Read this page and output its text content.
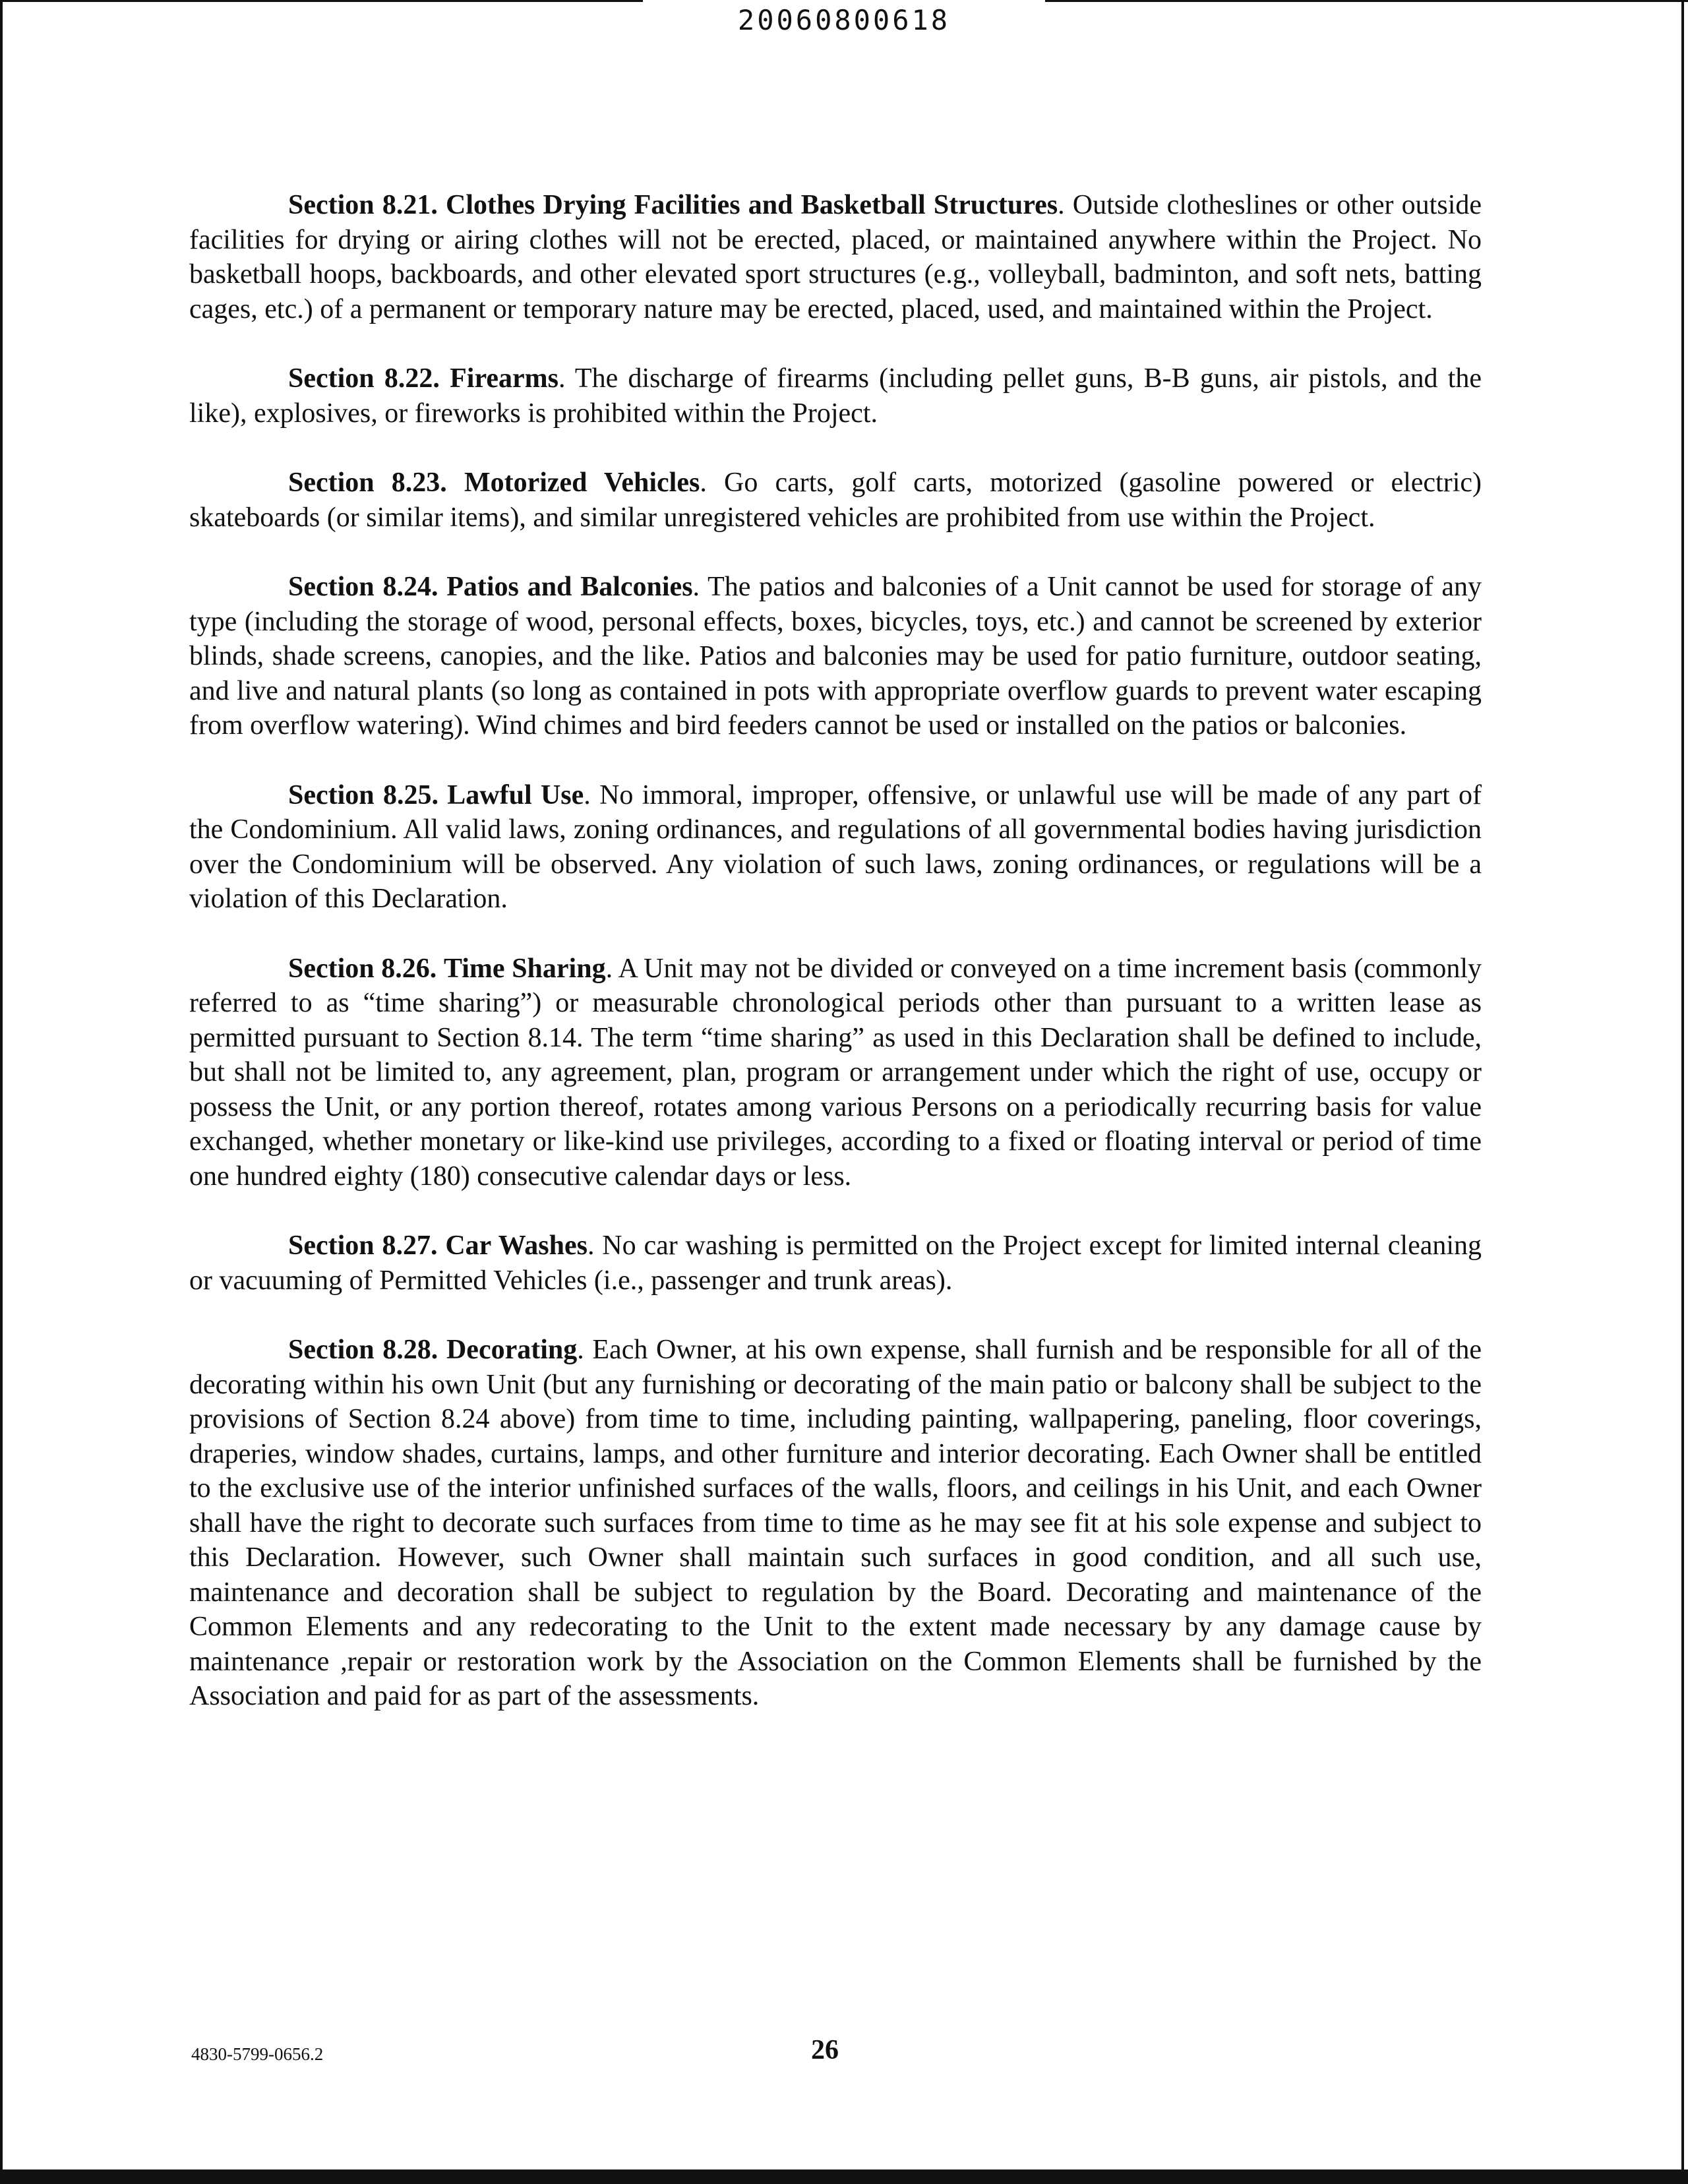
20060800618

Section 8.21. Clothes Drying Facilities and Basketball Structures. Outside clotheslines or other outside facilities for drying or airing clothes will not be erected, placed, or maintained anywhere within the Project. No basketball hoops, backboards, and other elevated sport structures (e.g., volleyball, badminton, and soft nets, batting cages, etc.) of a permanent or temporary nature may be erected, placed, used, and maintained within the Project.

Section 8.22. Firearms. The discharge of firearms (including pellet guns, B-B guns, air pistols, and the like), explosives, or fireworks is prohibited within the Project.

Section 8.23. Motorized Vehicles. Go carts, golf carts, motorized (gasoline powered or electric) skateboards (or similar items), and similar unregistered vehicles are prohibited from use within the Project.

Section 8.24. Patios and Balconies. The patios and balconies of a Unit cannot be used for storage of any type (including the storage of wood, personal effects, boxes, bicycles, toys, etc.) and cannot be screened by exterior blinds, shade screens, canopies, and the like. Patios and balconies may be used for patio furniture, outdoor seating, and live and natural plants (so long as contained in pots with appropriate overflow guards to prevent water escaping from overflow watering). Wind chimes and bird feeders cannot be used or installed on the patios or balconies.

Section 8.25. Lawful Use. No immoral, improper, offensive, or unlawful use will be made of any part of the Condominium. All valid laws, zoning ordinances, and regulations of all governmental bodies having jurisdiction over the Condominium will be observed. Any violation of such laws, zoning ordinances, or regulations will be a violation of this Declaration.

Section 8.26. Time Sharing. A Unit may not be divided or conveyed on a time increment basis (commonly referred to as “time sharing”) or measurable chronological periods other than pursuant to a written lease as permitted pursuant to Section 8.14. The term “time sharing” as used in this Declaration shall be defined to include, but shall not be limited to, any agreement, plan, program or arrangement under which the right of use, occupy or possess the Unit, or any portion thereof, rotates among various Persons on a periodically recurring basis for value exchanged, whether monetary or like-kind use privileges, according to a fixed or floating interval or period of time one hundred eighty (180) consecutive calendar days or less.

Section 8.27. Car Washes. No car washing is permitted on the Project except for limited internal cleaning or vacuuming of Permitted Vehicles (i.e., passenger and trunk areas).

Section 8.28. Decorating. Each Owner, at his own expense, shall furnish and be responsible for all of the decorating within his own Unit (but any furnishing or decorating of the main patio or balcony shall be subject to the provisions of Section 8.24 above) from time to time, including painting, wallpapering, paneling, floor coverings, draperies, window shades, curtains, lamps, and other furniture and interior decorating. Each Owner shall be entitled to the exclusive use of the interior unfinished surfaces of the walls, floors, and ceilings in his Unit, and each Owner shall have the right to decorate such surfaces from time to time as he may see fit at his sole expense and subject to this Declaration. However, such Owner shall maintain such surfaces in good condition, and all such use, maintenance and decoration shall be subject to regulation by the Board. Decorating and maintenance of the Common Elements and any redecorating to the Unit to the extent made necessary by any damage cause by maintenance ,repair or restoration work by the Association on the Common Elements shall be furnished by the Association and paid for as part of the assessments.

4830-5799-0656.2	26
